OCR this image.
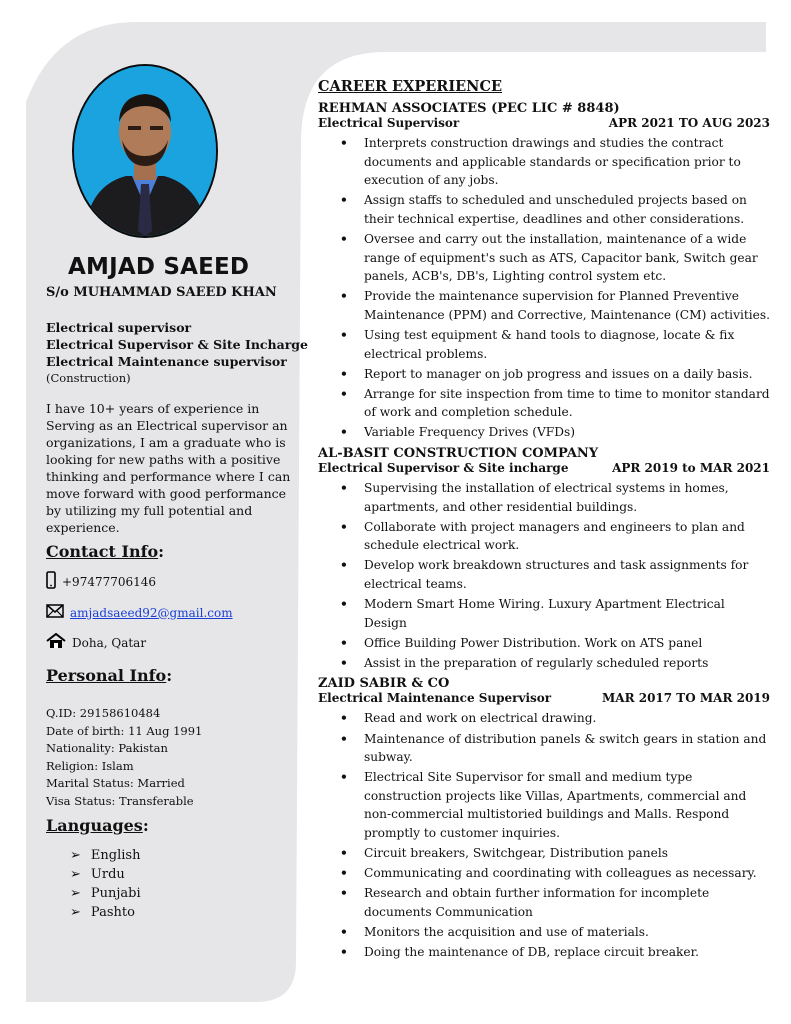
AMJAD SAEED
S/o MUHAMMAD SAEED KHAN
Electrical supervisor
Electrical Supervisor & Site Incharge
Electrical Maintenance supervisor
(Construction)
I have 10+ years of experience in Serving as an Electrical supervisor an organizations, I am a graduate who is looking for new paths with a positive thinking and performance where I can move forward with good performance by utilizing my full potential and experience.
Contact Info:
+97477706146
amjadsaeed92@gmail.com
Doha, Qatar
Personal Info:
Q.ID: 29158610484
Date of birth: 11 Aug 1991
Nationality: Pakistan
Religion: Islam
Marital Status: Married
Visa Status: Transferable
Languages:
➢ English
➢ Urdu
➢ Punjabi
➢ Pashto
CAREER EXPERIENCE
REHMAN ASSOCIATES (PEC LIC # 8848)
Electrical Supervisor	APR 2021 TO AUG 2023
• Interprets construction drawings and studies the contract documents and applicable standards or specification prior to execution of any jobs.
• Assign staffs to scheduled and unscheduled projects based on their technical expertise, deadlines and other considerations.
• Oversee and carry out the installation, maintenance of a wide range of equipment's such as ATS, Capacitor bank, Switch gear panels, ACB's, DB's, Lighting control system etc.
• Provide the maintenance supervision for Planned Preventive Maintenance (PPM) and Corrective, Maintenance (CM) activities.
• Using test equipment & hand tools to diagnose, locate & fix electrical problems.
• Report to manager on job progress and issues on a daily basis.
• Arrange for site inspection from time to time to monitor standard of work and completion schedule.
• Variable Frequency Drives (VFDs)
AL-BASIT CONSTRUCTION COMPANY
Electrical Supervisor & Site incharge	APR 2019 to MAR 2021
• Supervising the installation of electrical systems in homes, apartments, and other residential buildings.
• Collaborate with project managers and engineers to plan and schedule electrical work.
• Develop work breakdown structures and task assignments for electrical teams.
• Modern Smart Home Wiring. Luxury Apartment Electrical Design
• Office Building Power Distribution. Work on ATS panel
• Assist in the preparation of regularly scheduled reports
ZAID SABIR & CO
Electrical Maintenance Supervisor	MAR 2017 TO MAR 2019
• Read and work on electrical drawing.
• Maintenance of distribution panels & switch gears in station and subway.
• Electrical Site Supervisor for small and medium type construction projects like Villas, Apartments, commercial and non-commercial multistoried buildings and Malls. Respond promptly to customer inquiries.
• Circuit breakers, Switchgear, Distribution panels
• Communicating and coordinating with colleagues as necessary.
• Research and obtain further information for incomplete documents Communication
• Monitors the acquisition and use of materials.
• Doing the maintenance of DB, replace circuit breaker.
